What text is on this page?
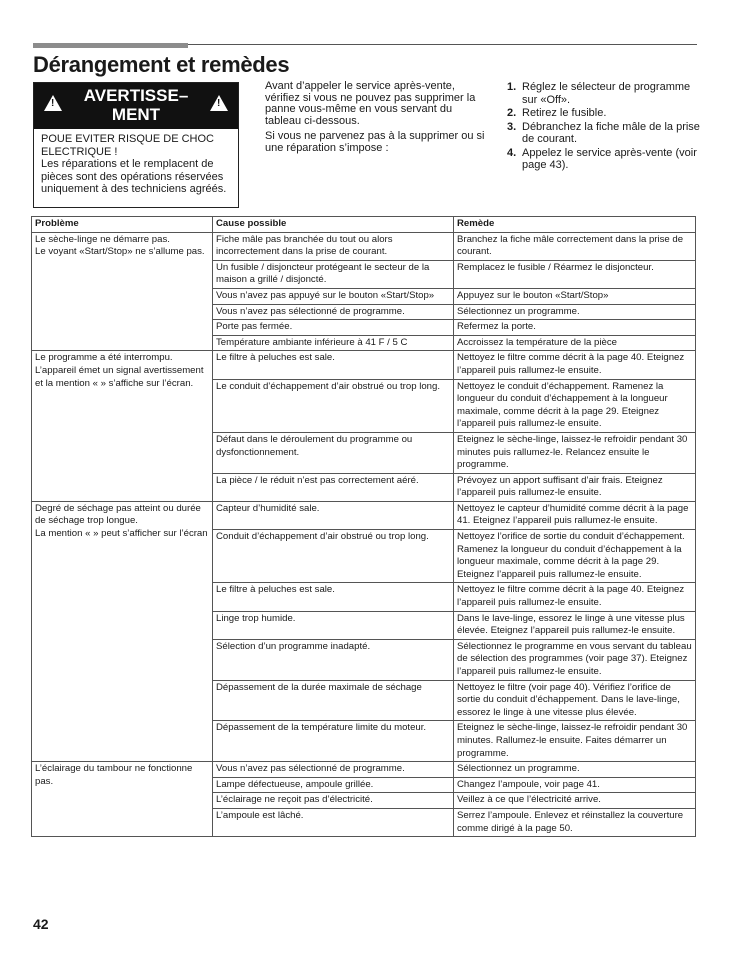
Dérangement et remèdes
!
AVERTISSE– MENT
!
POUE EVITER RISQUE DE CHOC ELECTRIQUE !
Les réparations et le remplacent de pièces sont des opérations réservées uniquement à des techniciens agréés.

Avant d’appeler le service après-vente, vérifiez si vous ne pouvez pas supprimer la panne vous-même en vous servant du tableau ci-dessous.

Si vous ne parvenez pas à la supprimer ou si une réparation s’impose :

1. Réglez le sélecteur de programme sur «Off».
2. Retirez le fusible.
3. Débranchez la fiche mâle de la prise de courant.
4. Appelez le service après-vente (voir page 43).
Problème	Cause possible	Remède

Le sèche-linge ne démarre pas.
Le voyant «Start/Stop» ne s’allume pas.	Fiche mâle pas branchée du tout ou alors incorrectement dans la prise de courant.	Branchez la fiche mâle correctement dans la prise de courant.
	Un fusible / disjoncteur protégeant le secteur de la maison a grillé / disjoncté.	Remplacez le fusible / Réarmez le disjoncteur.
	Vous n’avez pas appuyé sur le bouton «Start/Stop»	Appuyez sur le bouton «Start/Stop»
	Vous n’avez pas sélectionné de programme.	Sélectionnez un programme.
	Porte pas fermée.	Refermez la porte.
	Température ambiante inférieure à 41 F / 5 C	Accroissez la température de la pièce

Le programme a été interrompu. L’appareil émet un signal avertissement et la mention « » s’affiche sur l’écran.	Le filtre à peluches est sale.	Nettoyez le filtre comme décrit à la page 40. Eteignez l’appareil puis rallumez-le ensuite.
	Le conduit d’échappement d’air obstrué ou trop long.	Nettoyez le conduit d’échappement. Ramenez la longueur du conduit d’échappement à la longueur maximale, comme décrit à la page 29. Eteignez l’appareil puis rallumez-le ensuite.
	Défaut dans le déroulement du programme ou dysfonctionnement.	Eteignez le sèche-linge, laissez-le refroidir pendant 30 minutes puis rallumez-le. Relancez ensuite le programme.
	La pièce / le réduit n’est pas correctement aéré.	Prévoyez un apport suffisant d’air frais. Eteignez l’appareil puis rallumez-le ensuite.

Degré de séchage pas atteint ou durée de séchage trop longue.
La mention « » peut s’afficher sur l’écran	Capteur d’humidité sale.	Nettoyez le capteur d’humidité comme décrit à la page 41. Eteignez l’appareil puis rallumez-le ensuite.
	Conduit d’échappement d’air obstrué ou trop long.	Nettoyez l’orifice de sortie du conduit d’échappement. Ramenez la longueur du conduit d’échappement à la longueur maximale, comme décrit à la page 29. Eteignez l’appareil puis rallumez-le ensuite.
	Le filtre à peluches est sale.	Nettoyez le filtre comme décrit à la page 40. Eteignez l’appareil puis rallumez-le ensuite.
	Linge trop humide.	Dans le lave-linge, essorez le linge à une vitesse plus élevée. Eteignez l’appareil puis rallumez-le ensuite.
	Sélection d’un programme inadapté.	Sélectionnez le programme en vous servant du tableau de sélection des programmes (voir page 37). Eteignez l’appareil puis rallumez-le ensuite.
	Dépassement de la durée maximale de séchage	Nettoyez le filtre (voir page 40). Vérifiez l’orifice de sortie du conduit d’échappement. Dans le lave-linge, essorez le linge à une vitesse plus élevée.
	Dépassement de la température limite du moteur.	Eteignez le sèche-linge, laissez-le refroidir pendant 30 minutes. Rallumez-le ensuite. Faites démarrer un programme.

L’éclairage du tambour ne fonctionne pas.	Vous n’avez pas sélectionné de programme.	Sélectionnez un programme.
	Lampe défectueuse, ampoule grillée.	Changez l’ampoule, voir page 41.
	L’éclairage ne reçoit pas d’électricité.	Veillez à ce que l’électricité arrive.
	L’ampoule est lâché.	Serrez l’ampoule. Enlevez et réinstallez la couverture comme dirigé à la page 50.
42
